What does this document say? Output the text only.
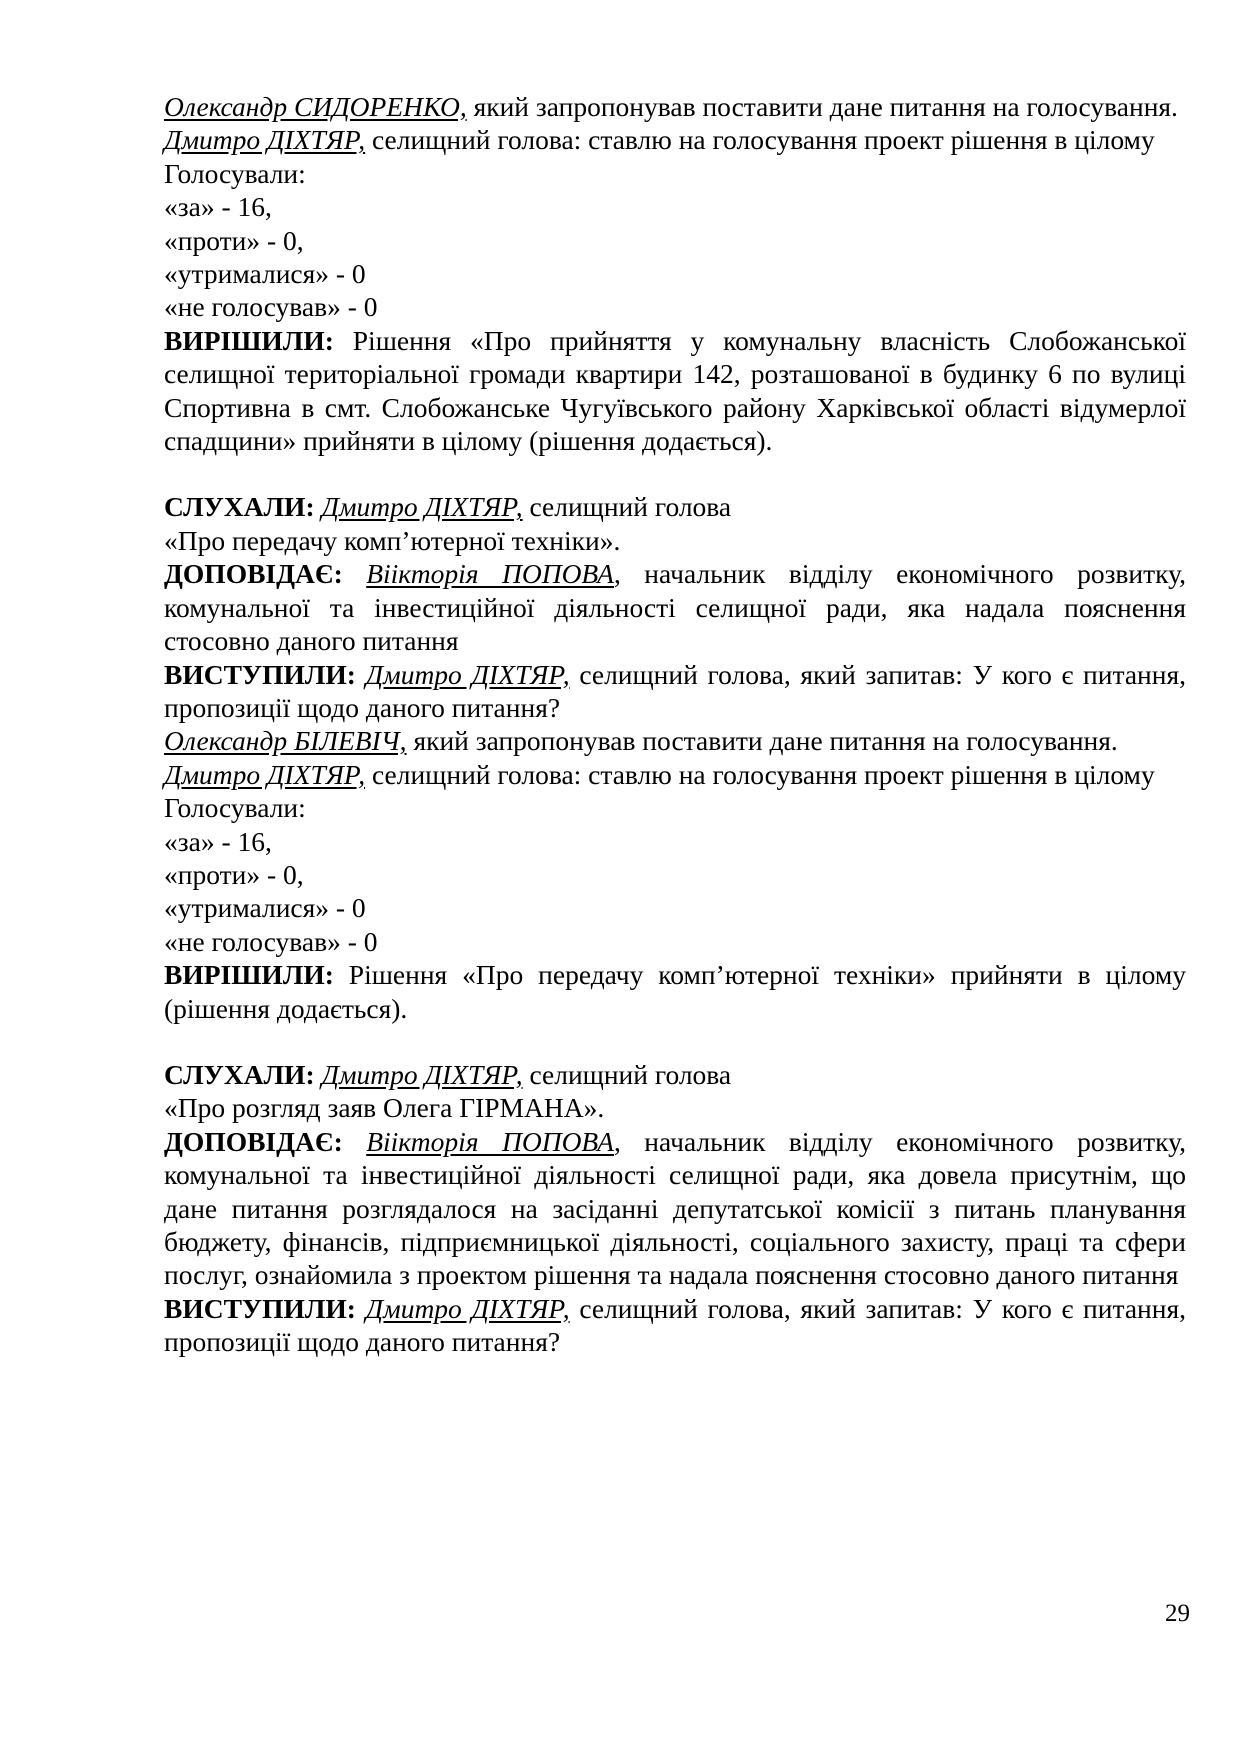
Олександр СИДОРЕНКО, який запропонував поставити дане питання на голосування.

Дмитро ДІХТЯР, селищний голова: ставлю на голосування проект рішення в цілому

Голосували:

«за» - 16,

«проти» - 0,

«утрималися» - 0

«не голосував» - 0

ВИРІШИЛИ: Рішення «Про прийняття у комунальну власність Слобожанської селищної територіальної громади квартири 142, розташованої в будинку 6 по вулиці Спортивна в смт. Слобожанське Чугуївського району Харківської області відумерлої спадщини» прийняти в цілому (рішення додається).

СЛУХАЛИ: Дмитро ДІХТЯР, селищний голова

«Про передачу комп’ютерної техніки».

ДОПОВІДАЄ: Віікторія ПОПОВА, начальник відділу економічного розвитку, комунальної та інвестиційної діяльності селищної ради, яка надала пояснення стосовно даного питання

ВИСТУПИЛИ: Дмитро ДІХТЯР, селищний голова, який запитав: У кого є питання, пропозиції щодо даного питання?

Олександр БІЛЕВІЧ, який запропонував поставити дане питання на голосування.

Дмитро ДІХТЯР, селищний голова: ставлю на голосування проект рішення в цілому

Голосували:

«за» - 16,

«проти» - 0,

«утрималися» - 0

«не голосував» - 0

ВИРІШИЛИ: Рішення «Про передачу комп’ютерної техніки» прийняти в цілому (рішення додається).

СЛУХАЛИ: Дмитро ДІХТЯР, селищний голова

«Про розгляд заяв Олега ГІРМАНА».

ДОПОВІДАЄ: Віікторія ПОПОВА, начальник відділу економічного розвитку, комунальної та інвестиційної діяльності селищної ради, яка довела присутнім, що дане питання розглядалося на засіданні депутатської комісії з питань планування бюджету, фінансів, підприємницької діяльності, соціального захисту, праці та сфери послуг, ознайомила з проектом рішення та надала пояснення стосовно даного питання

ВИСТУПИЛИ: Дмитро ДІХТЯР, селищний голова, який запитав: У кого є питання, пропозиції щодо даного питання?

29
